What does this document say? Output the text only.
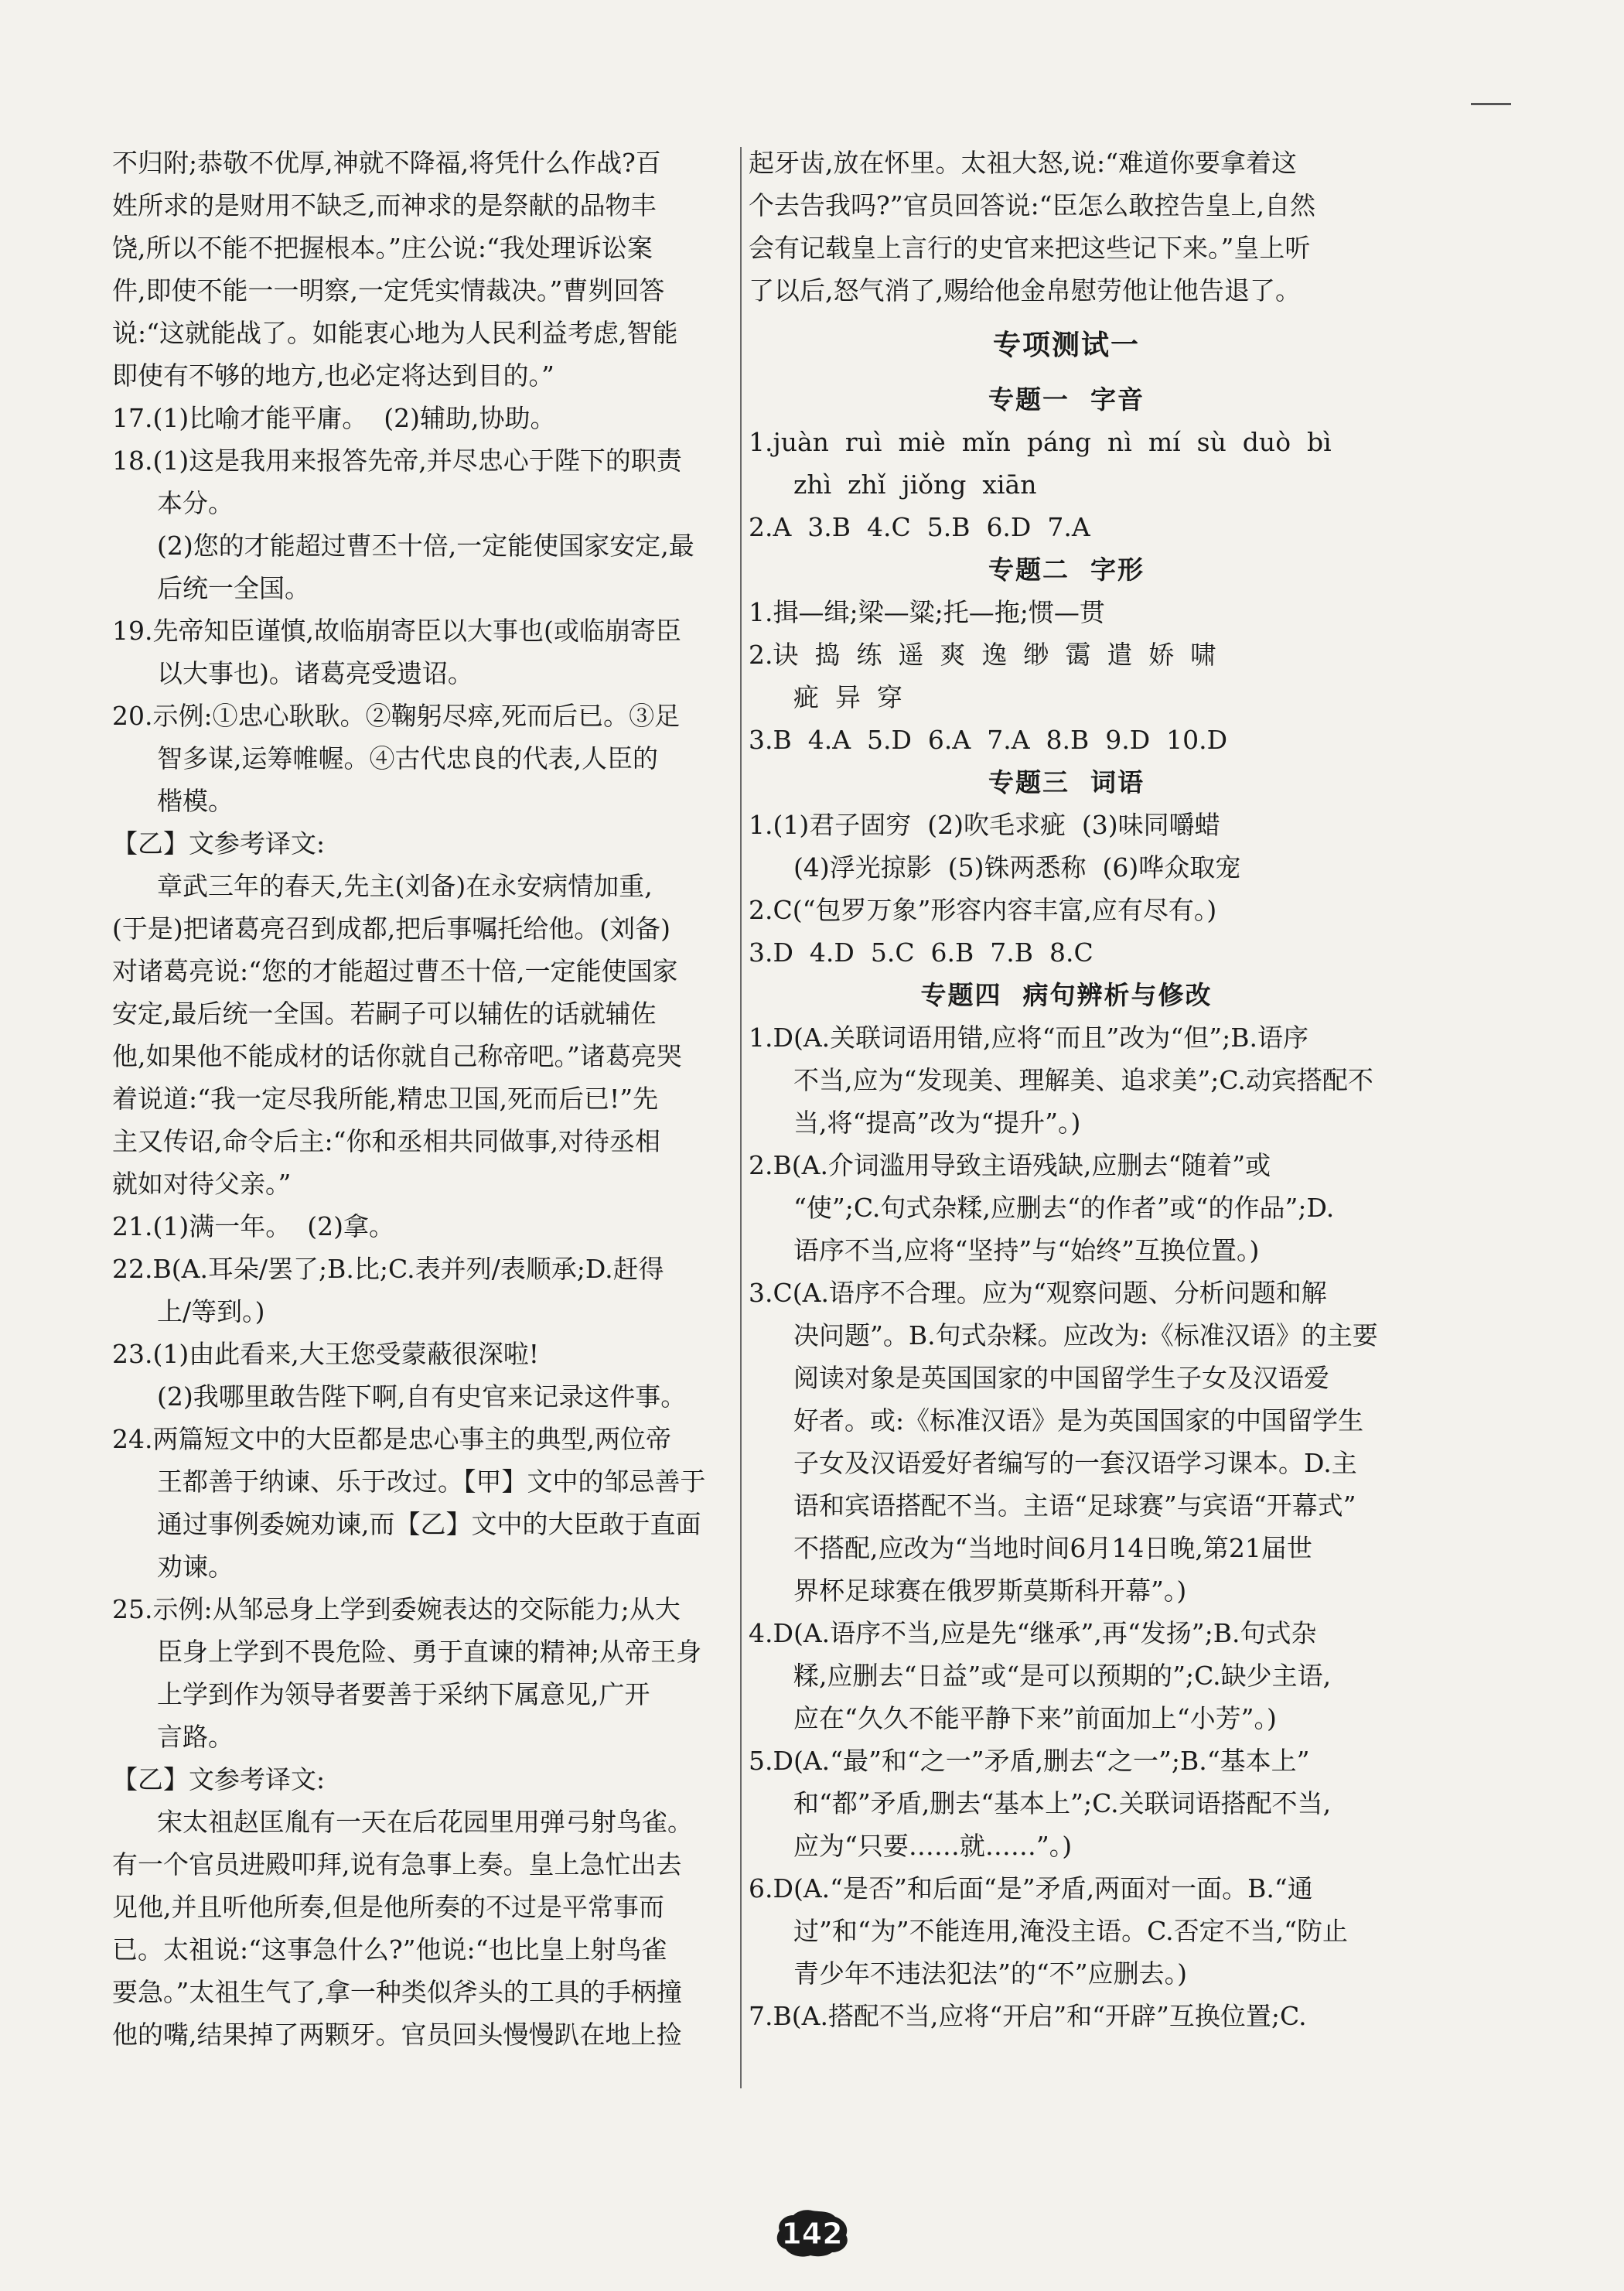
不归附;恭敬不优厚,神就不降福,将凭什么作战?百
姓所求的是财用不缺乏,而神求的是祭献的品物丰
饶,所以不能不把握根本。”庄公说:“我处理诉讼案
件,即使不能一一明察,一定凭实情裁决。”曹刿回答
说:“这就能战了。如能衷心地为人民利益考虑,智能
即使有不够的地方,也必定将达到目的。”
17.(1)比喻才能平庸。  (2)辅助,协助。
18.(1)这是我用来报答先帝,并尽忠心于陛下的职责
本分。
(2)您的才能超过曹丕十倍,一定能使国家安定,最
后统一全国。
19.先帝知臣谨慎,故临崩寄臣以大事也(或临崩寄臣
以大事也)。诸葛亮受遗诏。
20.示例:①忠心耿耿。②鞠躬尽瘁,死而后已。③足
智多谋,运筹帷幄。④古代忠良的代表,人臣的
楷模。
【乙】文参考译文:
章武三年的春天,先主(刘备)在永安病情加重,
(于是)把诸葛亮召到成都,把后事嘱托给他。(刘备)
对诸葛亮说:“您的才能超过曹丕十倍,一定能使国家
安定,最后统一全国。若嗣子可以辅佐的话就辅佐
他,如果他不能成材的话你就自己称帝吧。”诸葛亮哭
着说道:“我一定尽我所能,精忠卫国,死而后已!”先
主又传诏,命令后主:“你和丞相共同做事,对待丞相
就如对待父亲。”
21.(1)满一年。  (2)拿。
22.B(A.耳朵/罢了;B.比;C.表并列/表顺承;D.赶得
上/等到。)
23.(1)由此看来,大王您受蒙蔽很深啦!
(2)我哪里敢告陛下啊,自有史官来记录这件事。
24.两篇短文中的大臣都是忠心事主的典型,两位帝
王都善于纳谏、乐于改过。【甲】文中的邹忌善于
通过事例委婉劝谏,而【乙】文中的大臣敢于直面
劝谏。
25.示例:从邹忌身上学到委婉表达的交际能力;从大
臣身上学到不畏危险、勇于直谏的精神;从帝王身
上学到作为领导者要善于采纳下属意见,广开
言路。
【乙】文参考译文:
宋太祖赵匡胤有一天在后花园里用弹弓射鸟雀。
有一个官员进殿叩拜,说有急事上奏。皇上急忙出去
见他,并且听他所奏,但是他所奏的不过是平常事而
已。太祖说:“这事急什么?”他说:“也比皇上射鸟雀
要急。”太祖生气了,拿一种类似斧头的工具的手柄撞
他的嘴,结果掉了两颗牙。官员回头慢慢趴在地上捡
起牙齿,放在怀里。太祖大怒,说:“难道你要拿着这
个去告我吗?”官员回答说:“臣怎么敢控告皇上,自然
会有记载皇上言行的史官来把这些记下来。”皇上听
了以后,怒气消了,赐给他金帛慰劳他让他告退了。
专项测试一
专题一  字音
1.juàn  ruì  miè  mǐn  páng  nì  mí  sù  duò  bì
zhì  zhǐ  jiǒng  xiān
2.A  3.B  4.C  5.B  6.D  7.A
专题二  字形
1.揖—缉;梁—粱;托—拖;惯—贯
2.诀  捣  练  遥  爽  逸  缈  霭  遣  娇  啸
疵  异  穿
3.B  4.A  5.D  6.A  7.A  8.B  9.D  10.D
专题三  词语
1.(1)君子固穷  (2)吹毛求疵  (3)味同嚼蜡
(4)浮光掠影  (5)铢两悉称  (6)哗众取宠
2.C(“包罗万象”形容内容丰富,应有尽有。)
3.D  4.D  5.C  6.B  7.B  8.C
专题四  病句辨析与修改
1.D(A.关联词语用错,应将“而且”改为“但”;B.语序
不当,应为“发现美、理解美、追求美”;C.动宾搭配不
当,将“提高”改为“提升”。)
2.B(A.介词滥用导致主语残缺,应删去“随着”或
“使”;C.句式杂糅,应删去“的作者”或“的作品”;D.
语序不当,应将“坚持”与“始终”互换位置。)
3.C(A.语序不合理。应为“观察问题、分析问题和解
决问题”。B.句式杂糅。应改为:《标准汉语》的主要
阅读对象是英国国家的中国留学生子女及汉语爱
好者。或:《标准汉语》是为英国国家的中国留学生
子女及汉语爱好者编写的一套汉语学习课本。D.主
语和宾语搭配不当。主语“足球赛”与宾语“开幕式”
不搭配,应改为“当地时间6月14日晚,第21届世
界杯足球赛在俄罗斯莫斯科开幕”。)
4.D(A.语序不当,应是先“继承”,再“发扬”;B.句式杂
糅,应删去“日益”或“是可以预期的”;C.缺少主语,
应在“久久不能平静下来”前面加上“小芳”。)
5.D(A.“最”和“之一”矛盾,删去“之一”;B.“基本上”
和“都”矛盾,删去“基本上”;C.关联词语搭配不当,
应为“只要……就……”。)
6.D(A.“是否”和后面“是”矛盾,两面对一面。B.“通
过”和“为”不能连用,淹没主语。C.否定不当,“防止
青少年不违法犯法”的“不”应删去。)
7.B(A.搭配不当,应将“开启”和“开辟”互换位置;C.
142
